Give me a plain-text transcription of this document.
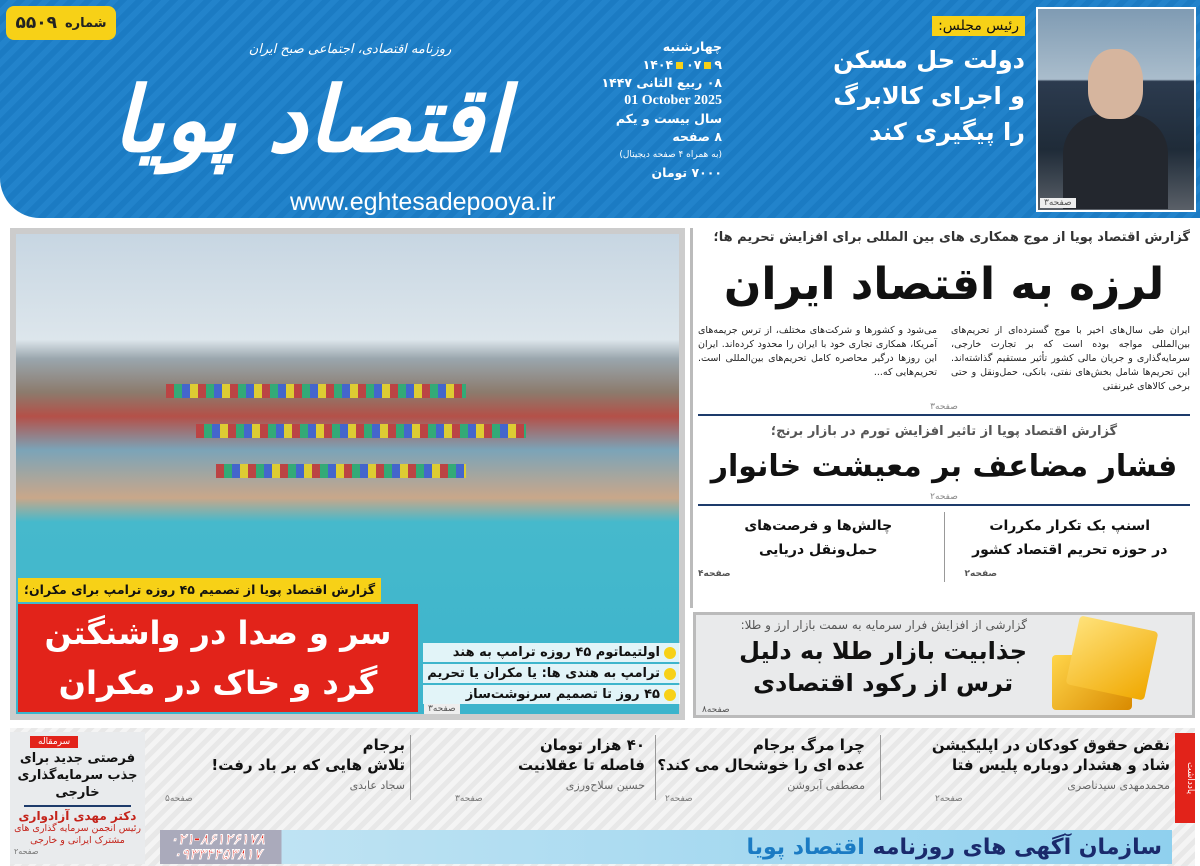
شماره
۵۵۰۹
روزنامه اقتصادی، اجتماعی صبح ایران
اقتصاد پویا
www.eghtesadepooya.ir
چهارشنبه
۹۰۷۱۴۰۴
۰۸ ربیع الثانی ۱۴۴۷
01 October 2025
سال بیست و یکم
۸ صفحه
(به همراه ۴ صفحه دیجیتال)
۷۰۰۰ تومان
رئیس مجلس:
دولت حل مسکن
و اجرای کالابرگ
را پیگیری کند
صفحه۳
گزارش اقتصاد پویا از تصمیم ۴۵ روزه ترامپ برای مکران؛
سر و صدا در واشنگتن
گرد و خاک در مکران
صفحه۳
اولتیماتوم ۴۵ روزه ترامپ به هند
ترامپ به هندی ها: یا مکران یا تحریم
۴۵ روز تا تصمیم سرنوشت‌ساز
گزارش اقتصاد پویا از موج همکاری های بین المللی برای افزایش تحریم ها؛
لرزه به اقتصاد ایران

ایران طی سال‌های اخیر با موج گسترده‌ای از تحریم‌های بین‌المللی مواجه بوده است که بر تجارت خارجی، سرمایه‌گذاری و جریان مالی کشور تأثیر مستقیم گذاشته‌اند. این تحریم‌ها شامل بخش‌های نفتی، بانکی، حمل‌ونقل و حتی برخی کالاهای غیرنفتی

می‌شود و کشورها و شرکت‌های مختلف، از ترس جریمه‌های آمریکا، همکاری تجاری خود با ایران را محدود کرده‌اند. ایران این روزها درگیر محاصره کامل تحریم‌های بین‌المللی است. تحریم‌هایی که...

صفحه۳
گزارش اقتصاد پویا از تاثیر افزایش تورم در بازار برنج؛
فشار مضاعف بر معیشت خانوار
صفحه۲
اسنپ بک تکرار مکررات
در حوزه تحریم اقتصاد کشور
صفحه۲
چالش‌ها و فرصت‌های
حمل‌ونقل دریایی
صفحه۴
گزارشی از افزایش فرار سرمایه به سمت بازار ارز و طلا:
جذابیت بازار طلا به دلیل
ترس از رکود اقتصادی
صفحه۸
سرمقاله
فرصتی جدید برای جذب سرمایه‌گذاری خارجی
دکتر مهدی آزادواری
رئیس انجمن سرمایه گذاری های مشترک ایرانی و خارجی
صفحه۲
یادداشت
نقض حقوق کودکان در اپلیکیشن
شاد و هشدار دوباره پلیس فتا
محمدمهدی سیدناصری
صفحه۲
چرا مرگ برجام
عده ای را خوشحال می کند؟
مصطفی آبروشن
صفحه۲
۴۰ هزار تومان
فاصله تا عقلانیت
حسین سلاح‌ورزی
صفحه۳
برجام
تلاش هایی که بر باد رفت!
سجاد عابدی
صفحه۵
سازمان آگهی های روزنامه اقتصاد پویا
۰۲۱-۸۶۱۲۶۱۷۸
۰۹۳۳۴۴۵۳۸۱۷
